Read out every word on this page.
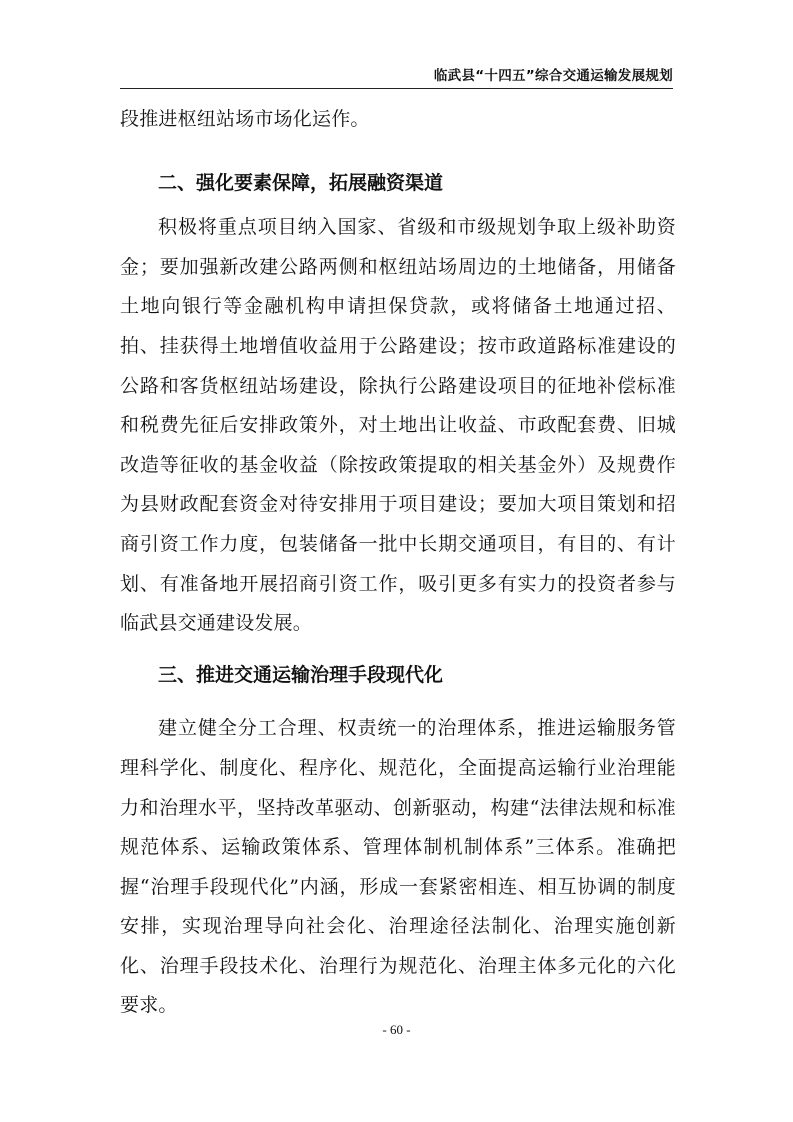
临武县“十四五”综合交通运输发展规划

段推进枢纽站场市场化运作。

二、强化要素保障，拓展融资渠道

积极将重点项目纳入国家、省级和市级规划争取上级补助资金；要加强新改建公路两侧和枢纽站场周边的土地储备，用储备土地向银行等金融机构申请担保贷款，或将储备土地通过招、拍、挂获得土地增值收益用于公路建设；按市政道路标准建设的公路和客货枢纽站场建设，除执行公路建设项目的征地补偿标准和税费先征后安排政策外，对土地出让收益、市政配套费、旧城改造等征收的基金收益（除按政策提取的相关基金外）及规费作为县财政配套资金对待安排用于项目建设；要加大项目策划和招商引资工作力度，包装储备一批中长期交通项目，有目的、有计划、有准备地开展招商引资工作，吸引更多有实力的投资者参与临武县交通建设发展。

三、推进交通运输治理手段现代化

建立健全分工合理、权责统一的治理体系，推进运输服务管理科学化、制度化、程序化、规范化，全面提高运输行业治理能力和治理水平，坚持改革驱动、创新驱动，构建“法律法规和标准规范体系、运输政策体系、管理体制机制体系”三体系。准确把握“治理手段现代化”内涵，形成一套紧密相连、相互协调的制度安排，实现治理导向社会化、治理途径法制化、治理实施创新化、治理手段技术化、治理行为规范化、治理主体多元化的六化要求。

- 60 -
